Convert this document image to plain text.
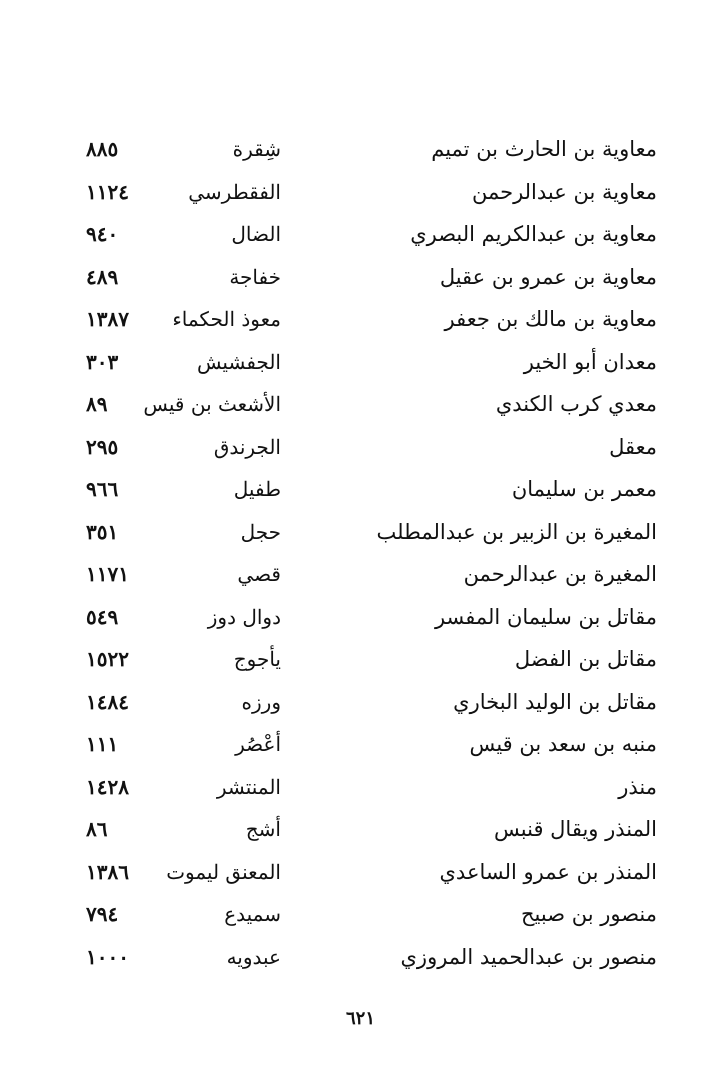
معاوية بن الحارث بن تميم
شِقرة
٨٨٥
معاوية بن عبدالرحمن
الفقطرسي
١١٢٤
معاوية بن عبدالكريم البصري
الضال
٩٤٠
معاوية بن عمرو بن عقيل
خفاجة
٤٨٩
معاوية بن مالك بن جعفر
معوذ الحكماء
١٣٨٧
معدان أبو الخير
الجفشيش
٣٠٣
معدي كرب الكندي
الأشعث بن قيس
٨٩
معقل
الجرندق
٢٩٥
معمر بن سليمان
طفيل
٩٦٦
المغيرة بن الزبير بن عبدالمطلب
حجل
٣٥١
المغيرة بن عبدالرحمن
قصي
١١٧١
مقاتل بن سليمان المفسر
دوال دوز
٥٤٩
مقاتل بن الفضل
يأجوج
١٥٢٢
مقاتل بن الوليد البخاري
ورزه
١٤٨٤
منبه بن سعد بن قيس
أعْصُر
١١١
منذر
المنتشر
١٤٢٨
المنذر ويقال قنبس
أشج
٨٦
المنذر بن عمرو الساعدي
المعنق ليموت
١٣٨٦
منصور بن صبيح
سميدع
٧٩٤
منصور بن عبدالحميد المروزي
عبدويه
١٠٠٠
٦٢١
